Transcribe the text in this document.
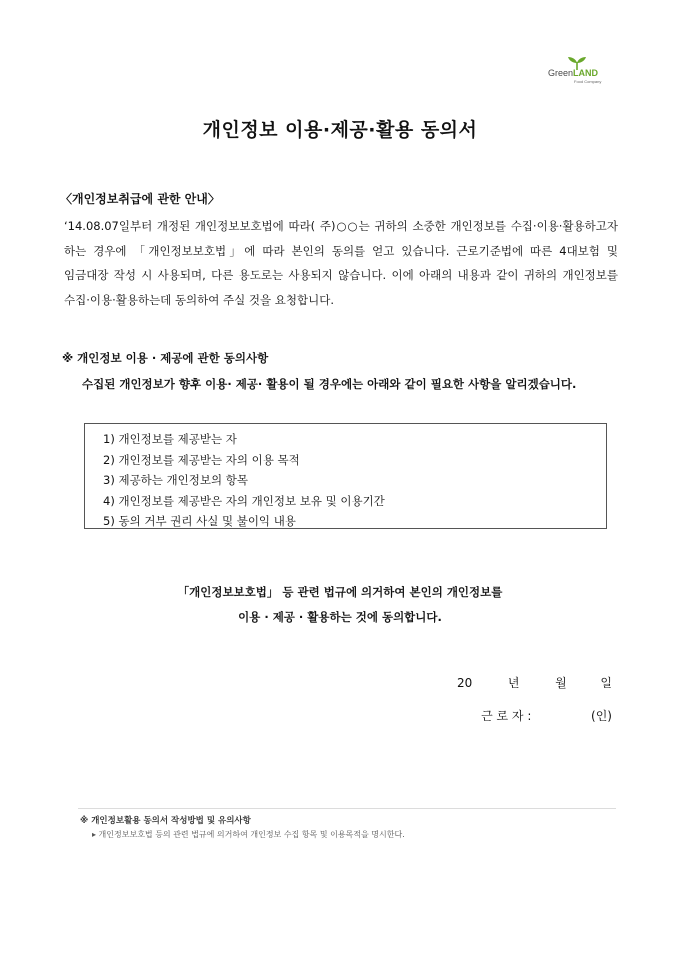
GreenLAND
Food Company
개인정보 이용·제공·활용 동의서
〈개인정보취급에 관한 안내〉
‘14.08.07일부터 개정된 개인정보보호법에 따라( 주)○○는 귀하의 소중한 개인정보를 수집·이용·활용하고자 하는 경우에 「개인정보보호법」에 따라 본인의 동의를 얻고 있습니다. 근로기준법에 따른 4대보험 및 임금대장 작성 시 사용되며, 다른 용도로는 사용되지 않습니다. 이에 아래의 내용과 같이 귀하의 개인정보를 수집·이용·활용하는데 동의하여 주실 것을 요청합니다.
※ 개인정보 이용 · 제공에 관한 동의사항
수집된 개인정보가 향후 이용· 제공· 활용이 될 경우에는 아래와 같이 필요한 사항을 알리겠습니다.
1) 개인정보를 제공받는 자
2) 개인정보를 제공받는 자의 이용 목적
3) 제공하는 개인정보의 항목
4) 개인정보를 제공받은 자의 개인정보 보유 및 이용기간
5) 동의 거부 권리 사실 및 불이익 내용
「개인정보보호법」 등 관련 법규에 의거하여 본인의 개인정보를
이용 · 제공 · 활용하는 것에 동의합니다.
20	년	월	일
근 로 자 :	(인)
※ 개인정보활용 동의서 작성방법 및 유의사항
▸ 개인정보보호법 등의 관련 법규에 의거하여 개인정보 수집 항목 및 이용목적을 명시한다.
